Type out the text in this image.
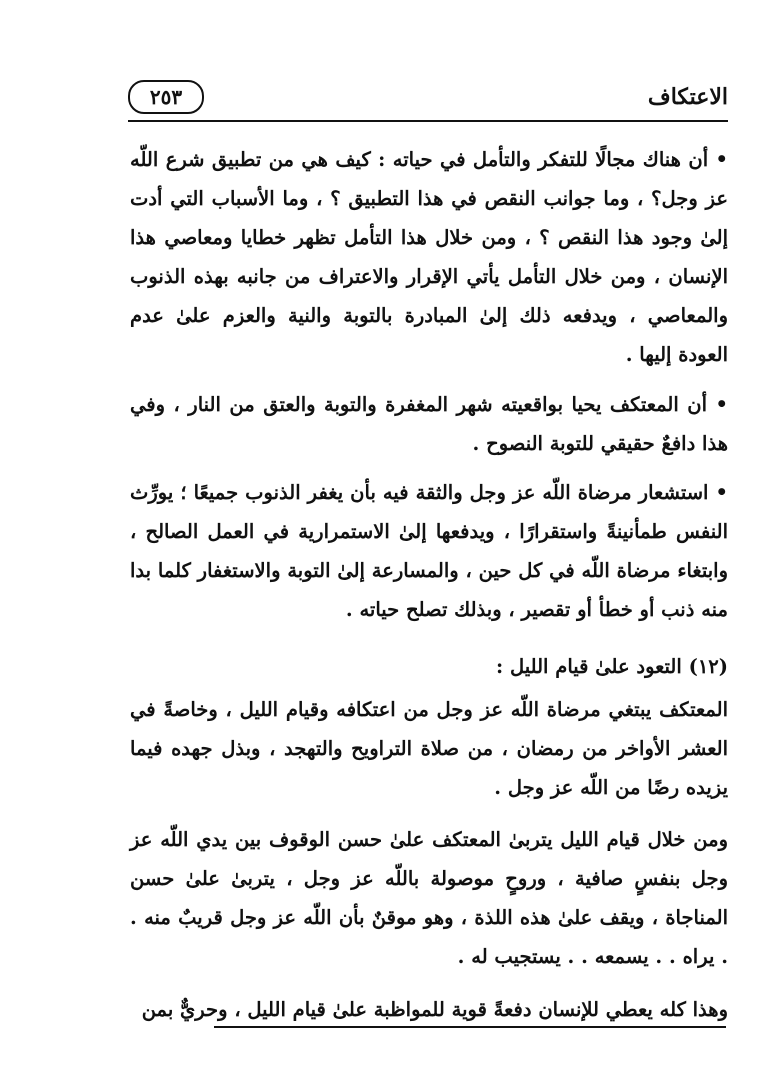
الاعتكاف
٢٥٣
• أن هناك مجالًا للتفكر والتأمل في حياته : كيف هي من تطبيق شرع اللّه عز وجل؟ ، وما جوانب النقص في هذا التطبيق ؟ ، وما الأسباب التي أدت إلىٰ وجود هذا النقص ؟ ، ومن خلال هذا التأمل تظهر خطايا ومعاصي هذا الإنسان ، ومن خلال التأمل يأتي الإقرار والاعتراف من جانبه بهذه الذنوب والمعاصي ، ويدفعه ذلك إلىٰ المبادرة بالتوبة والنية والعزم علىٰ عدم العودة إليها .
• أن المعتكف يحيا بواقعيته شهر المغفرة والتوبة والعتق من النار ، وفي هذا دافعٌ حقيقي للتوبة النصوح .
• استشعار مرضاة اللّه عز وجل والثقة فيه بأن يغفر الذنوب جميعًا ؛ يورِّث النفس طمأنينةً واستقرارًا ، ويدفعها إلىٰ الاستمرارية في العمل الصالح ، وابتغاء مرضاة اللّه في كل حين ، والمسارعة إلىٰ التوبة والاستغفار كلما بدا منه ذنب أو خطأ أو تقصير ، وبذلك تصلح حياته .
(١٢) التعود علىٰ قيام الليل :
المعتكف يبتغي مرضاة اللّه عز وجل من اعتكافه وقيام الليل ، وخاصةً في العشر الأواخر من رمضان ، من صلاة التراويح والتهجد ، وبذل جهده فيما يزيده رضًا من اللّه عز وجل .
ومن خلال قيام الليل يتربىٰ المعتكف علىٰ حسن الوقوف بين يدي اللّه عز وجل بنفسٍ صافية ، وروحٍ موصولة باللّه عز وجل ، يتربىٰ علىٰ حسن المناجاة ، ويقف علىٰ هذه اللذة ، وهو موقنٌ بأن اللّه عز وجل قريبٌ منه . . يراه . . يسمعه . . يستجيب له .
وهذا كله يعطي للإنسان دفعةً قوية للمواظبة علىٰ قيام الليل ، وحريٌّ بمن
